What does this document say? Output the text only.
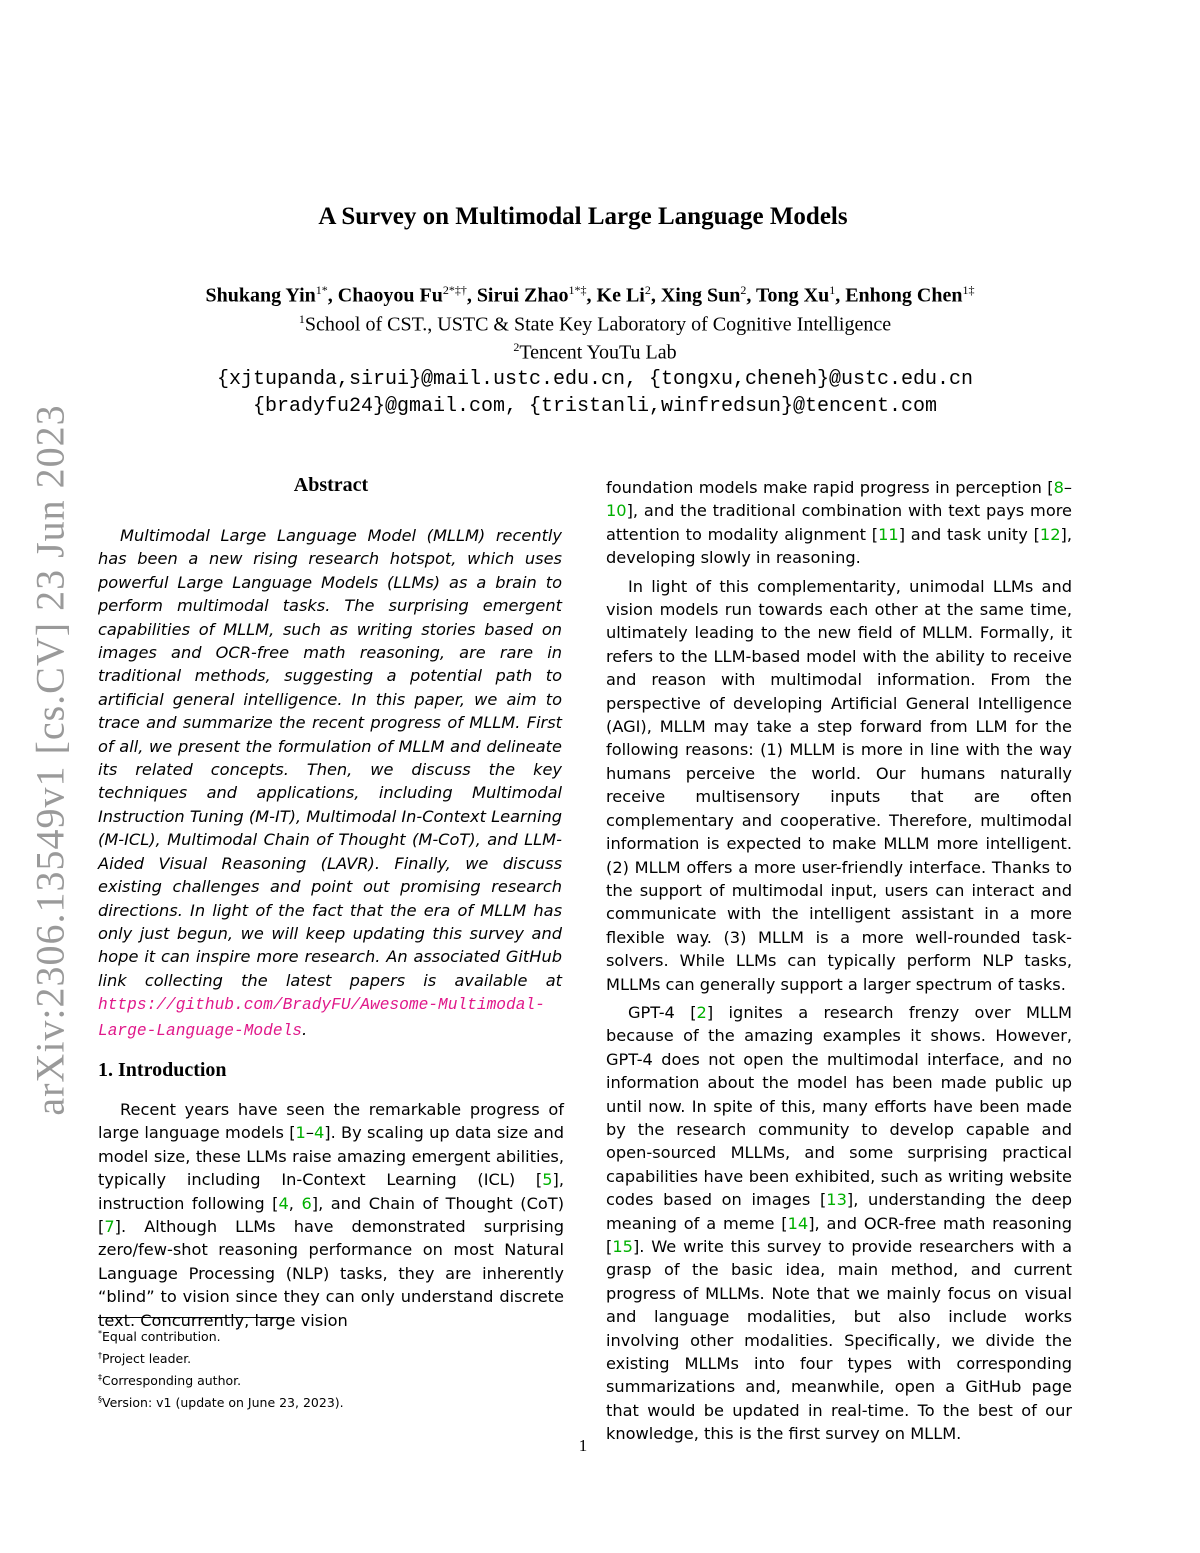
arXiv:2306.13549v1 [cs.CV] 23 Jun 2023
A Survey on Multimodal Large Language Models
Shukang Yin$^{1*}$, Chaoyou $Fu^{2*\ddagger\dagger}$, Sirui Zhao$^{1*\ddagger}$, Ke Li$^2$, Xing Sun$^2$, Tong Xu$^1$, Enhong Chen$^{1\ddagger}$
$^1$School of CST., USTC & State Key Laboratory of Cognitive Intelligence
$^2$Tencent YouTu Lab
{xjtupanda,sirui}@mail.ustc.edu.cn, {tongxu,cheneh}@ustc.edu.cn
{bradyfu24}@gmail.com, {tristanli,winfredsun}@tencent.com
Abstract
Multimodal Large Language Model (MLLM) recently has been a new rising research hotspot, which uses powerful Large Language Models (LLMs) as a brain to perform multimodal tasks. The surprising emergent capabilities of MLLM, such as writing stories based on images and OCR-free math reasoning, are rare in traditional methods, suggesting a potential path to artificial general intelligence. In this paper, we aim to trace and summarize the recent progress of MLLM. First of all, we present the formulation of MLLM and delineate its related concepts. Then, we discuss the key techniques and applications, including Multimodal Instruction Tuning (M-IT), Multimodal In-Context Learning (M-ICL), Multimodal Chain of Thought (M-CoT), and LLM-Aided Visual Reasoning (LAVR). Finally, we discuss existing challenges and point out promising research directions. In light of the fact that the era of MLLM has only just begun, we will keep updating this survey and hope it can inspire more research. An associated GitHub link collecting the latest papers is available at https://github.com/BradyFU/Awesome-Multimodal-Large-Language-Models.
1. Introduction

Recent years have seen the remarkable progress of large language models [1–4]. By scaling up data size and model size, these LLMs raise amazing emergent abilities, typically including In-Context Learning (ICL) [5], instruction following [4, 6], and Chain of Thought (CoT) [7]. Although LLMs have demonstrated surprising zero/few-shot reasoning performance on most Natural Language Processing (NLP) tasks, they are inherently “blind” to vision since they can only understand discrete text. Concurrently, large vision

foundation models make rapid progress in perception [8–10], and the traditional combination with text pays more attention to modality alignment [11] and task unity [12], developing slowly in reasoning.

In light of this complementarity, unimodal LLMs and vision models run towards each other at the same time, ultimately leading to the new field of MLLM. Formally, it refers to the LLM-based model with the ability to receive and reason with multimodal information. From the perspective of developing Artificial General Intelligence (AGI), MLLM may take a step forward from LLM for the following reasons: (1) MLLM is more in line with the way humans perceive the world. Our humans naturally receive multisensory inputs that are often complementary and cooperative. Therefore, multimodal information is expected to make MLLM more intelligent. (2) MLLM offers a more user-friendly interface. Thanks to the support of multimodal input, users can interact and communicate with the intelligent assistant in a more flexible way. (3) MLLM is a more well-rounded task-solvers. While LLMs can typically perform NLP tasks, MLLMs can generally support a larger spectrum of tasks.

GPT-4 [2] ignites a research frenzy over MLLM because of the amazing examples it shows. However, GPT-4 does not open the multimodal interface, and no information about the model has been made public up until now. In spite of this, many efforts have been made by the research community to develop capable and open-sourced MLLMs, and some surprising practical capabilities have been exhibited, such as writing website codes based on images [13], understanding the deep meaning of a meme [14], and OCR-free math reasoning [15]. We write this survey to provide researchers with a grasp of the basic idea, main method, and current progress of MLLMs. Note that we mainly focus on visual and language modalities, but also include works involving other modalities. Specifically, we divide the existing MLLMs into four types with corresponding summarizations and, meanwhile, open a GitHub page that would be updated in real-time. To the best of our knowledge, this is the first survey on MLLM.

*Equal contribution.
†Project leader.
‡Corresponding author.
§Version: v1 (update on June 23, 2023).
1
